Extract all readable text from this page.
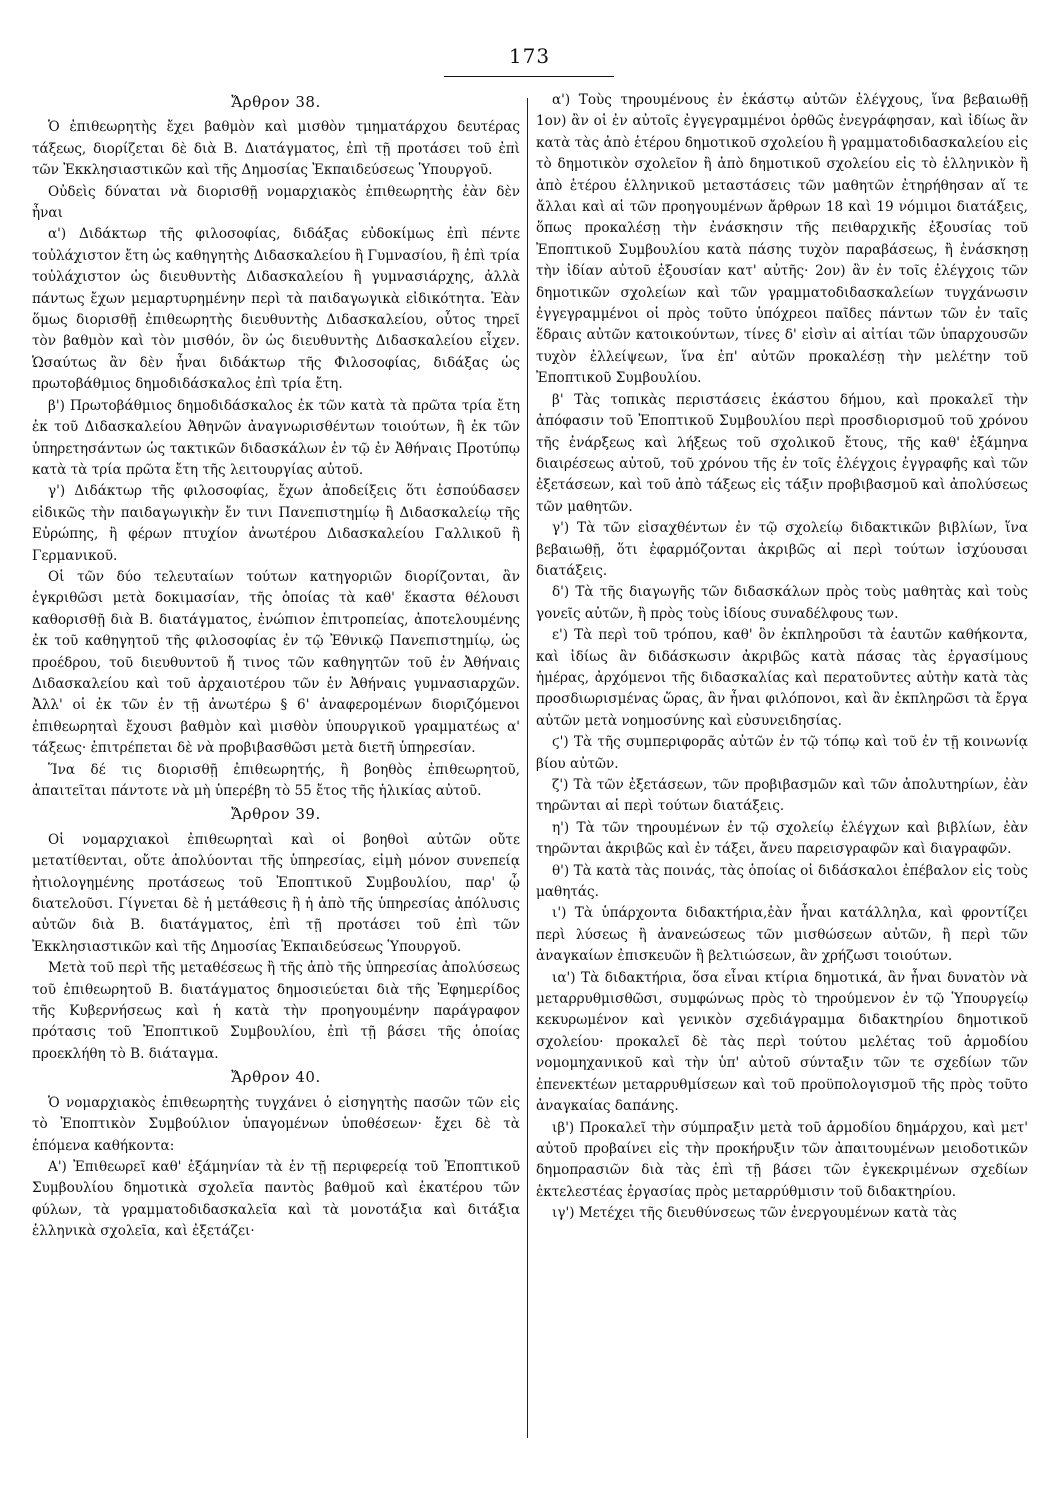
173
Ἄρθρον 38.

Ὁ ἐπιθεωρητὴς ἔχει βαθμὸν καὶ μισθὸν τμηματάρχου δευτέρας τάξεως, διορίζεται δὲ διὰ Β. Διατάγματος, ἐπὶ τῇ προτάσει τοῦ ἐπὶ τῶν Ἐκκλησιαστικῶν καὶ τῆς Δημοσίας Ἐκπαιδεύσεως Ὑπουργοῦ.

Οὐδεὶς δύναται νὰ διορισθῇ νομαρχιακὸς ἐπιθεωρητὴς ἐὰν δὲν ἦναι

α') Διδάκτωρ τῆς φιλοσοφίας, διδάξας εὐδοκίμως ἐπὶ πέντε τοὐλάχιστον ἔτη ὡς καθηγητὴς Διδασκαλείου ἢ Γυμνασίου, ἢ ἐπὶ τρία τοὐλάχιστον ὡς διευθυντὴς Διδασκαλείου ἢ γυμνασιάρχης, ἀλλὰ πάντως ἔχων μεμαρτυρημένην περὶ τὰ παιδαγωγικὰ εἰδικότητα. Ἐὰν ὅμως διορισθῇ ἐπιθεωρητὴς διευθυντὴς Διδασκαλείου, οὗτος τηρεῖ τὸν βαθμὸν καὶ τὸν μισθόν, ὃν ὡς διευθυντὴς Διδασκαλείου εἶχεν. Ὡσαύτως ἂν δὲν ἦναι διδάκτωρ τῆς Φιλοσοφίας, διδάξας ὡς πρωτοβάθμιος δημοδιδάσκαλος ἐπὶ τρία ἔτη.

β') Πρωτοβάθμιος δημοδιδάσκαλος ἐκ τῶν κατὰ τὰ πρῶτα τρία ἔτη ἐκ τοῦ Διδασκαλείου Ἀθηνῶν ἀναγνωρισθέντων τοιούτων, ἢ ἐκ τῶν ὑπηρετησάντων ὡς τακτικῶν διδασκάλων ἐν τῷ ἐν Ἀθήναις Προτύπῳ κατὰ τὰ τρία πρῶτα ἔτη τῆς λειτουργίας αὐτοῦ.

γ') Διδάκτωρ τῆς φιλοσοφίας, ἔχων ἀποδείξεις ὅτι ἐσπούδασεν εἰδικῶς τὴν παιδαγωγικὴν ἔν τινι Πανεπιστημίῳ ἢ Διδασκαλείῳ τῆς Εὐρώπης, ἢ φέρων πτυχίον ἀνωτέρου Διδασκαλείου Γαλλικοῦ ἢ Γερμανικοῦ.

Οἱ τῶν δύο τελευταίων τούτων κατηγοριῶν διορίζονται, ἂν ἐγκριθῶσι μετὰ δοκιμασίαν, τῆς ὁποίας τὰ καθ' ἕκαστα θέλουσι καθορισθῇ διὰ Β. διατάγματος, ἐνώπιον ἐπιτροπείας, ἀποτελουμένης ἐκ τοῦ καθηγητοῦ τῆς φιλοσοφίας ἐν τῷ Ἐθνικῷ Πανεπιστημίῳ, ὡς προέδρου, τοῦ διευθυντοῦ ἤ τινος τῶν καθηγητῶν τοῦ ἐν Ἀθήναις Διδασκαλείου καὶ τοῦ ἀρχαιοτέρου τῶν ἐν Ἀθήναις γυμνασιαρχῶν. Ἀλλ' οἱ ἐκ τῶν ἐν τῇ ἀνωτέρω § 6' ἀναφερομένων διοριζόμενοι ἐπιθεωρηταὶ ἔχουσι βαθμὸν καὶ μισθὸν ὑπουργικοῦ γραμματέως α' τάξεως· ἐπιτρέπεται δὲ νὰ προβιβασθῶσι μετὰ διετῆ ὑπηρεσίαν.

Ἵνα δέ τις διορισθῇ ἐπιθεωρητής, ἢ βοηθὸς ἐπιθεωρητοῦ, ἀπαιτεῖται πάντοτε νὰ μὴ ὑπερέβη τὸ 55 ἔτος τῆς ἡλικίας αὐτοῦ.

Ἄρθρον 39.

Οἱ νομαρχιακοὶ ἐπιθεωρηταὶ καὶ οἱ βοηθοὶ αὐτῶν οὔτε μετατίθενται, οὔτε ἀπολύονται τῆς ὑπηρεσίας, εἰμὴ μόνον συνεπείᾳ ἠτιολογημένης προτάσεως τοῦ Ἐποπτικοῦ Συμβουλίου, παρ' ᾧ διατελοῦσι. Γίγνεται δὲ ἡ μετάθεσις ἢ ἡ ἀπὸ τῆς ὑπηρεσίας ἀπόλυσις αὐτῶν διὰ Β. διατάγματος, ἐπὶ τῇ προτάσει τοῦ ἐπὶ τῶν Ἐκκλησιαστικῶν καὶ τῆς Δημοσίας Ἐκπαιδεύσεως Ὑπουργοῦ.

Μετὰ τοῦ περὶ τῆς μεταθέσεως ἢ τῆς ἀπὸ τῆς ὑπηρεσίας ἀπολύσεως τοῦ ἐπιθεωρητοῦ Β. διατάγματος δημοσιεύεται διὰ τῆς Ἐφημερίδος τῆς Κυβερνήσεως καὶ ἡ κατὰ τὴν προηγουμένην παράγραφον πρότασις τοῦ Ἐποπτικοῦ Συμβουλίου, ἐπὶ τῇ βάσει τῆς ὁποίας προεκλήθη τὸ Β. διάταγμα.

Ἄρθρον 40.

Ὁ νομαρχιακὸς ἐπιθεωρητὴς τυγχάνει ὁ εἰσηγητὴς πασῶν τῶν εἰς τὸ Ἐποπτικὸν Συμβούλιον ὑπαγομένων ὑποθέσεων· ἔχει δὲ τὰ ἑπόμενα καθήκοντα:

Α') Ἐπιθεωρεῖ καθ' ἑξάμηνίαν τὰ ἐν τῇ περιφερείᾳ τοῦ Ἐποπτικοῦ Συμβουλίου δημοτικὰ σχολεῖα παντὸς βαθμοῦ καὶ ἑκατέρου τῶν φύλων, τὰ γραμματοδιδασκαλεῖα καὶ τὰ μονοτάξια καὶ διτάξια ἑλληνικὰ σχολεῖα, καὶ ἐξετάζει·

α') Τοὺς τηρουμένους ἐν ἑκάστῳ αὐτῶν ἐλέγχους, ἵνα βεβαιωθῇ 1ον) ἂν οἱ ἐν αὐτοῖς ἐγγεγραμμένοι ὀρθῶς ἐνεγράφησαν, καὶ ἰδίως ἂν κατὰ τὰς ἀπὸ ἑτέρου δημοτικοῦ σχολείου ἢ γραμματοδιδασκαλείου εἰς τὸ δημοτικὸν σχολεῖον ἢ ἀπὸ δημοτικοῦ σχολείου εἰς τὸ ἑλληνικὸν ἢ ἀπὸ ἑτέρου ἑλληνικοῦ μεταστάσεις τῶν μαθητῶν ἐτηρήθησαν αἵ τε ἄλλαι καὶ αἱ τῶν προηγουμένων ἄρθρων 18 καὶ 19 νόμιμοι διατάξεις, ὅπως προκαλέσῃ τὴν ἐνάσκησιν τῆς πειθαρχικῆς ἐξουσίας τοῦ Ἐποπτικοῦ Συμβουλίου κατὰ πάσης τυχὸν παραβάσεως, ἢ ἐνάσκησῃ τὴν ἰδίαν αὐτοῦ ἐξουσίαν κατ' αὐτῆς· 2ον) ἂν ἐν τοῖς ἐλέγχοις τῶν δημοτικῶν σχολείων καὶ τῶν γραμματοδιδασκαλείων τυγχάνωσιν ἐγγεγραμμένοι οἱ πρὸς τοῦτο ὑπόχρεοι παῖδες πάντων τῶν ἐν ταῖς ἕδραις αὐτῶν κατοικούντων, τίνες δ' εἰσὶν αἱ αἰτίαι τῶν ὑπαρχουσῶν τυχὸν ἐλλείψεων, ἵνα ἐπ' αὐτῶν προκαλέσῃ τὴν μελέτην τοῦ Ἐποπτικοῦ Συμβουλίου.

β' Τὰς τοπικὰς περιστάσεις ἑκάστου δήμου, καὶ προκαλεῖ τὴν ἀπόφασιν τοῦ Ἐποπτικοῦ Συμβουλίου περὶ προσδιορισμοῦ τοῦ χρόνου τῆς ἐνάρξεως καὶ λήξεως τοῦ σχολικοῦ ἔτους, τῆς καθ' ἑξάμηνα διαιρέσεως αὐτοῦ, τοῦ χρόνου τῆς ἐν τοῖς ἐλέγχοις ἐγγραφῆς καὶ τῶν ἐξετάσεων, καὶ τοῦ ἀπὸ τάξεως εἰς τάξιν προβιβασμοῦ καὶ ἀπολύσεως τῶν μαθητῶν.

γ') Τὰ τῶν εἰσαχθέντων ἐν τῷ σχολείῳ διδακτικῶν βιβλίων, ἵνα βεβαιωθῇ, ὅτι ἐφαρμόζονται ἀκριβῶς αἱ περὶ τούτων ἰσχύουσαι διατάξεις.

δ') Τὰ τῆς διαγωγῆς τῶν διδασκάλων πρὸς τοὺς μαθητὰς καὶ τοὺς γονεῖς αὐτῶν, ἢ πρὸς τοὺς ἰδίους συναδέλφους των.

ε') Τὰ περὶ τοῦ τρόπου, καθ' ὃν ἐκπληροῦσι τὰ ἑαυτῶν καθήκοντα, καὶ ἰδίως ἂν διδάσκωσιν ἀκριβῶς κατὰ πάσας τὰς ἐργασίμους ἡμέρας, ἀρχόμενοι τῆς διδασκαλίας καὶ περατοῦντες αὐτὴν κατὰ τὰς προσδιωρισμένας ὥρας, ἂν ἦναι φιλόπονοι, καὶ ἂν ἐκπληρῶσι τὰ ἔργα αὐτῶν μετὰ νοημοσύνης καὶ εὐσυνειδησίας.

ϛ') Τὰ τῆς συμπεριφορᾶς αὐτῶν ἐν τῷ τόπῳ καὶ τοῦ ἐν τῇ κοινωνίᾳ βίου αὐτῶν.

ζ') Τὰ τῶν ἐξετάσεων, τῶν προβιβασμῶν καὶ τῶν ἀπολυτηρίων, ἐὰν τηρῶνται αἱ περὶ τούτων διατάξεις.

η') Τὰ τῶν τηρουμένων ἐν τῷ σχολείῳ ἐλέγχων καὶ βιβλίων, ἐὰν τηρῶνται ἀκριβῶς καὶ ἐν τάξει, ἄνευ παρεισγραφῶν καὶ διαγραφῶν.

θ') Τὰ κατὰ τὰς ποινάς, τὰς ὁποίας οἱ διδάσκαλοι ἐπέβαλον εἰς τοὺς μαθητάς.

ι') Τὰ ὑπάρχοντα διδακτήρια,ἐὰν ἦναι κατάλληλα, καὶ φροντίζει περὶ λύσεως ἢ ἀνανεώσεως τῶν μισθώσεων αὐτῶν, ἢ περὶ τῶν ἀναγκαίων ἐπισκευῶν ἢ βελτιώσεων, ἂν χρήζωσι τοιούτων.

ια') Τὰ διδακτήρια, ὅσα εἶναι κτίρια δημοτικά, ἂν ἦναι δυνατὸν νὰ μεταρρυθμισθῶσι, συμφώνως πρὸς τὸ τηρούμενον ἐν τῷ Ὑπουργείῳ κεκυρωμένον καὶ γενικὸν σχεδιάγραμμα διδακτηρίου δημοτικοῦ σχολείου· προκαλεῖ δὲ τὰς περὶ τούτου μελέτας τοῦ ἁρμοδίου νομομηχανικοῦ καὶ τὴν ὑπ' αὐτοῦ σύνταξιν τῶν τε σχεδίων τῶν ἐπενεκτέων μεταρρυθμίσεων καὶ τοῦ προϋπολογισμοῦ τῆς πρὸς τοῦτο ἀναγκαίας δαπάνης.

ιβ') Προκαλεῖ τὴν σύμπραξιν μετὰ τοῦ ἁρμοδίου δημάρχου, καὶ μετ' αὐτοῦ προβαίνει εἰς τὴν προκήρυξιν τῶν ἀπαιτουμένων μειοδοτικῶν δημοπρασιῶν διὰ τὰς ἐπὶ τῇ βάσει τῶν ἐγκεκριμένων σχεδίων ἐκτελεστέας ἐργασίας πρὸς μεταρρύθμισιν τοῦ διδακτηρίου.

ιγ') Μετέχει τῆς διευθύνσεως τῶν ἐνεργουμένων κατὰ τὰς
